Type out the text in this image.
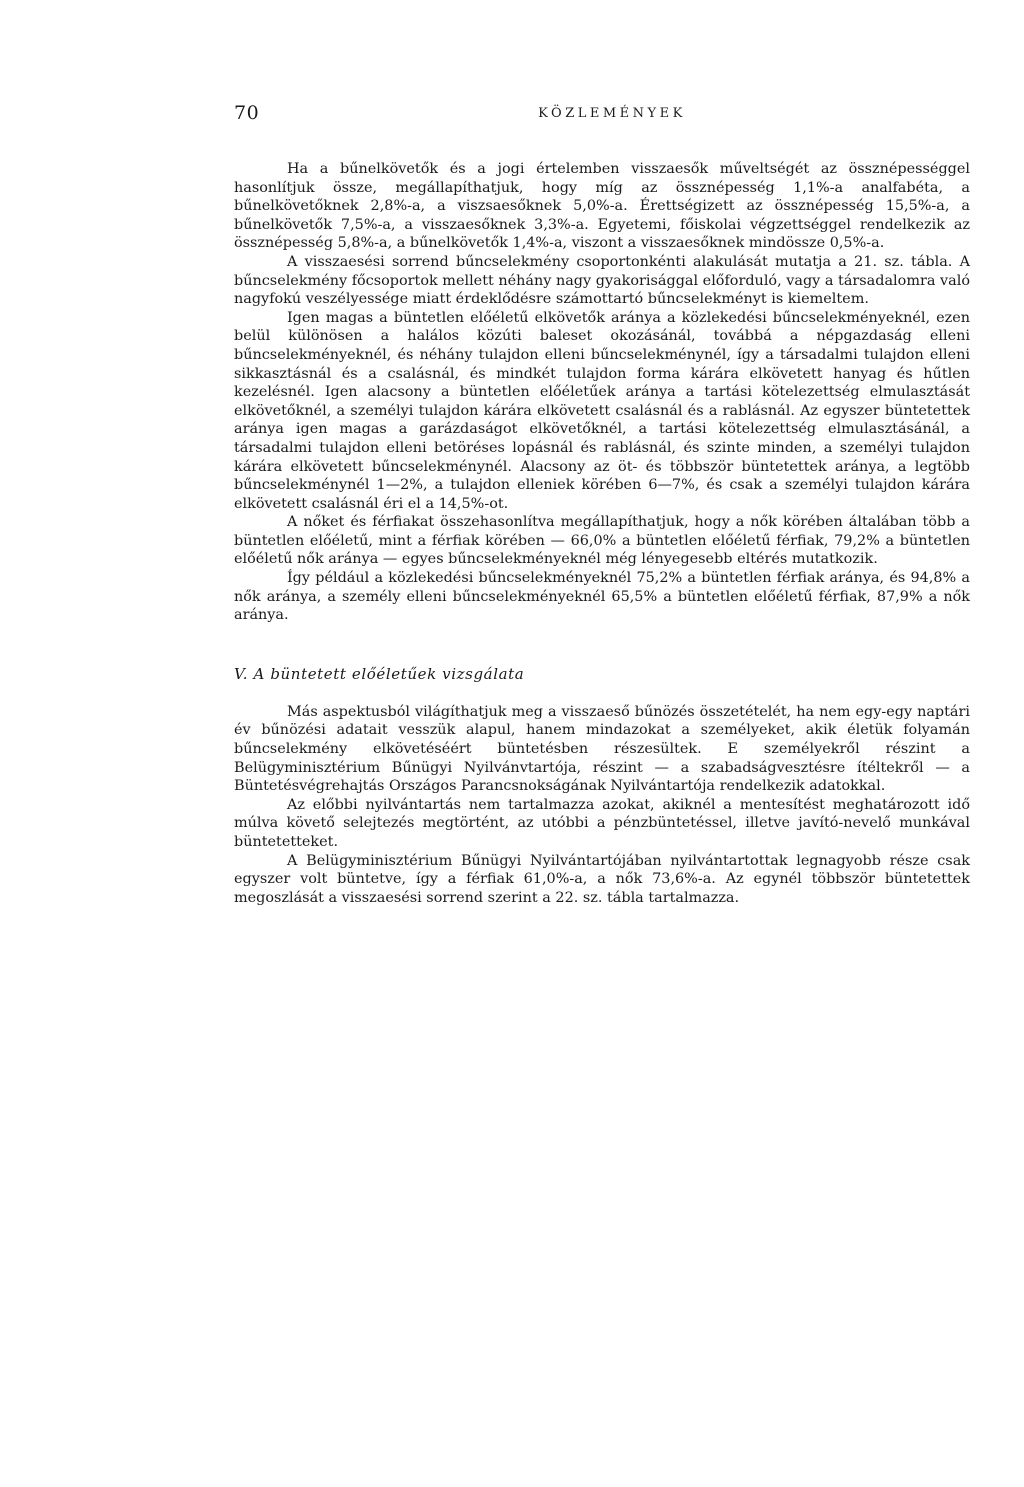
70	KÖZLEMÉNYEK

Ha a bűnelkövetők és a jogi értelemben visszaesők műveltségét az össznépességgel hasonlítjuk össze, megállapíthatjuk, hogy míg az össznépesség 1,1%-a analfabéta, a bűnelkövetőknek 2,8%-a, a viszsaesőknek 5,0%-a. Érettségizett az össznépesség 15,5%-a, a bűnelkövetők 7,5%-a, a visszaesőknek 3,3%-a. Egyetemi, főiskolai végzettséggel rendelkezik az össznépesség 5,8%-a, a bűnelkövetők 1,4%-a, viszont a visszaesőknek mindössze 0,5%-a.

A visszaesési sorrend bűncselekmény csoportonkénti alakulását mutatja a 21. sz. tábla. A bűncselekmény főcsoportok mellett néhány nagy gyakorisággal előforduló, vagy a társadalomra való nagyfokú veszélyessége miatt érdeklődésre számottartó bűncselekményt is kiemeltem.

Igen magas a büntetlen előéletű elkövetők aránya a közlekedési bűncselekményeknél, ezen belül különösen a halálos közúti baleset okozásánál, továbbá a népgazdaság elleni bűncselekményeknél, és néhány tulajdon elleni bűncselekménynél, így a társadalmi tulajdon elleni sikkasztásnál és a csalásnál, és mindkét tulajdon forma kárára elkövetett hanyag és hűtlen kezelésnél. Igen alacsony a büntetlen előéletűek aránya a tartási kötelezettség elmulasztását elkövetőknél, a személyi tulajdon kárára elkövetett csalásnál és a rablásnál. Az egyszer büntetettek aránya igen magas a garázdaságot elkövetőknél, a tartási kötelezettség elmulasztásánál, a társadalmi tulajdon elleni betöréses lopásnál és rablásnál, és szinte minden, a személyi tulajdon kárára elkövetett bűncselekménynél. Alacsony az öt- és többször büntetettek aránya, a legtöbb bűncselekménynél 1—2%, a tulajdon elleniek körében 6—7%, és csak a személyi tulajdon kárára elkövetett csalásnál éri el a 14,5%-ot.

A nőket és férfiakat összehasonlítva megállapíthatjuk, hogy a nők körében általában több a büntetlen előéletű, mint a férfiak körében — 66,0% a büntetlen előéletű férfiak, 79,2% a büntetlen előéletű nők aránya — egyes bűncselekményeknél még lényegesebb eltérés mutatkozik.

Így például a közlekedési bűncselekményeknél 75,2% a büntetlen férfiak aránya, és 94,8% a nők aránya, a személy elleni bűncselekményeknél 65,5% a büntetlen előéletű férfiak, 87,9% a nők aránya.

V. A büntetett előéletűek vizsgálata

Más aspektusból világíthatjuk meg a visszaeső bűnözés összetételét, ha nem egy-egy naptári év bűnözési adatait vesszük alapul, hanem mindazokat a személyeket, akik életük folyamán bűncselekmény elkövetéséért büntetésben részesültek. E személyekről részint a Belügyminisztérium Bűnügyi Nyilvánvtartója, részint — a szabadságvesztésre ítéltekről — a Büntetésvégrehajtás Országos Parancsnokságának Nyilvántartója rendelkezik adatokkal.

Az előbbi nyilvántartás nem tartalmazza azokat, akiknél a mentesítést meghatározott idő múlva követő selejtezés megtörtént, az utóbbi a pénzbüntetéssel, illetve javító-nevelő munkával büntetetteket.

A Belügyminisztérium Bűnügyi Nyilvántartójában nyilvántartottak legnagyobb része csak egyszer volt büntetve, így a férfiak 61,0%-a, a nők 73,6%-a. Az egynél többször büntetettek megoszlását a visszaesési sorrend szerint a 22. sz. tábla tartalmazza.
